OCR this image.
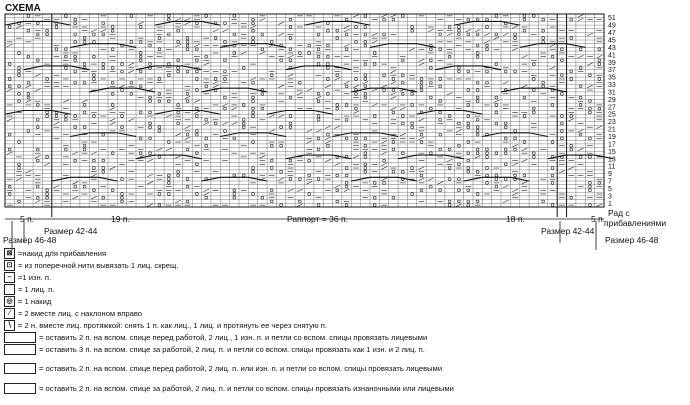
СХЕМА
51
49
47
45
43
41
39
37
35
33
31
29
27
25
23
21
19
17
15
13
11
9
7
5
3
1
Рад с
прибавлениями
5 п.	19 п.	Раппорт = 36 п.	18 п.	5 п.
Размер 42-44
Размер 46-48
Размер 42-44
Размер 46-48
⊠ =накид для прибавления
⊡ = из поперечной нити вывязать 1 лиц. скрещ.
– =1 изн. п.
= 1 лиц. п.
◎ = 1 накид
⁄	= 2 вместе лиц. с наклоном вправо
∖ = 2 н. вместе лиц. протяжкой: снять 1 п. как лиц., 1 лиц. и протянуть ее через снятую п.
= оставить 2 п. на вспом. спице перед работой, 2 лиц., 1 изн. п. и петли со вспом. спицы провязать лицевыми
= оставить 3 п. на вспом. спице за работой, 2 лиц. п. и петли со вспом. спицы провязать как 1 изн. и 2 лиц. п.
= оставить 2 п. на вспом. спице перед работой, 2 лиц. п. или изн. п. и петли со вспом. спицы провязать лицевыми
= оставить 2 п. на вспом. спице за работой, 2 лиц. п. и петли со вспом. спицы провязать изнаночными или лицевыми
